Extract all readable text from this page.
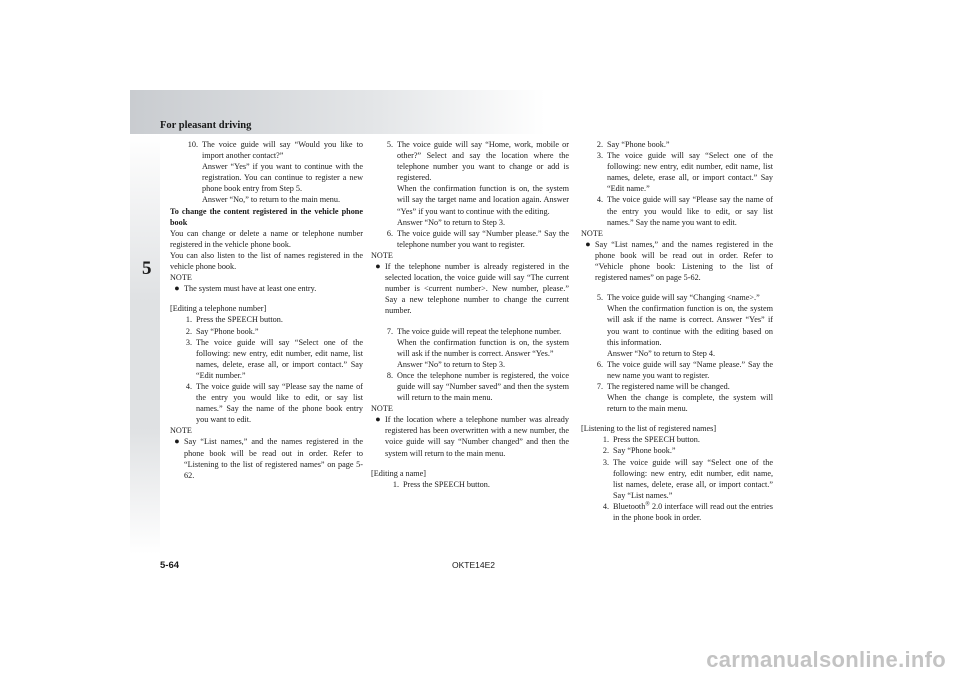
For pleasant driving
5
10. The voice guide will say “Would you like to import another contact?”

Answer “Yes” if you want to continue with the registration. You can continue to register a new phone book entry from Step 5.

Answer “No,” to return to the main menu.

To change the content registered in the vehicle phone book

You can change or delete a name or telephone number registered in the vehicle phone book.

You can also listen to the list of names registered in the vehicle phone book.

NOTE

● The system must have at least one entry.

[Editing a telephone number]

1. Press the SPEECH button.

2. Say “Phone book.”

3. The voice guide will say “Select one of the following: new entry, edit number, edit name, list names, delete, erase all, or import contact.” Say “Edit number.”

4. The voice guide will say “Please say the name of the entry you would like to edit, or say list names.” Say the name of the phone book entry you want to edit.

NOTE

● Say “List names,” and the names registered in the phone book will be read out in order. Refer to “Listening to the list of registered names” on page 5-62.

5. The voice guide will say “Home, work, mobile or other?” Select and say the location where the telephone number you want to change or add is registered.

When the confirmation function is on, the system will say the target name and location again. Answer “Yes” if you want to continue with the editing.

Answer “No” to return to Step 3.

6. The voice guide will say “Number please.” Say the telephone number you want to register.

NOTE

● If the telephone number is already registered in the selected location, the voice guide will say “The current number is <current number>. New number, please.” Say a new telephone number to change the current number.

7. The voice guide will repeat the telephone number.

When the confirmation function is on, the system will ask if the number is correct. Answer “Yes.”

Answer “No” to return to Step 3.

8. Once the telephone number is registered, the voice guide will say “Number saved” and then the system will return to the main menu.

NOTE

● If the location where a telephone number was already registered has been overwritten with a new number, the voice guide will say “Number changed” and then the system will return to the main menu.

[Editing a name]

1. Press the SPEECH button.

2. Say “Phone book.”

3. The voice guide will say “Select one of the following: new entry, edit number, edit name, list names, delete, erase all, or import contact.” Say “Edit name.”

4. The voice guide will say “Please say the name of the entry you would like to edit, or say list names.” Say the name you want to edit.

NOTE

● Say “List names,” and the names registered in the phone book will be read out in order. Refer to “Vehicle phone book: Listening to the list of registered names” on page 5-62.

5. The voice guide will say “Changing <name>.”

When the confirmation function is on, the system will ask if the name is correct. Answer “Yes” if you want to continue with the editing based on this information.

Answer “No” to return to Step 4.

6. The voice guide will say “Name please.” Say the new name you want to register.

7. The registered name will be changed.

When the change is complete, the system will return to the main menu.

[Listening to the list of registered names]

1. Press the SPEECH button.

2. Say “Phone book.”

3. The voice guide will say “Select one of the following: new entry, edit number, edit name, list names, delete, erase all, or import contact.” Say “List names.”

4. Bluetooth® 2.0 interface will read out the entries in the phone book in order.

5-64	OKTE14E2
carmanualsonline.info
